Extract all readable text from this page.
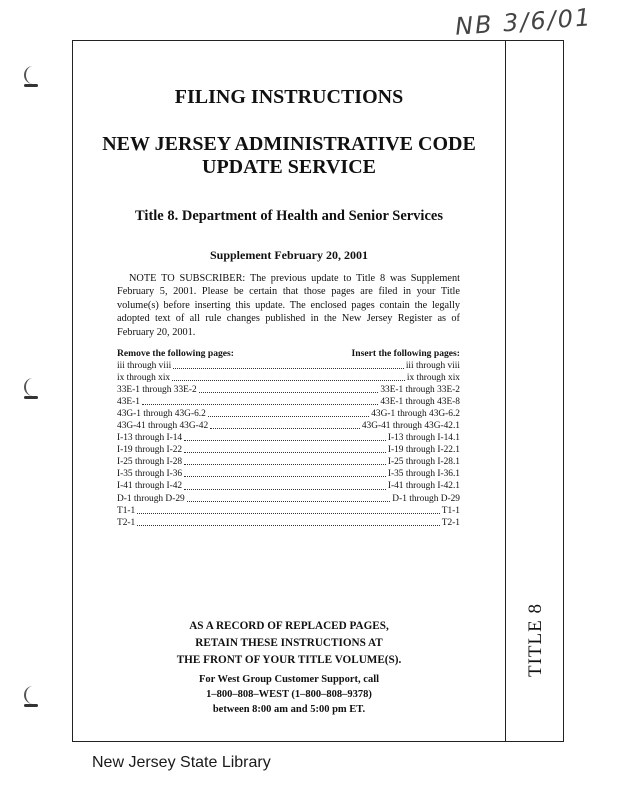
NB 3/6/01
TITLE 8
FILING INSTRUCTIONS
NEW JERSEY ADMINISTRATIVE CODE
UPDATE SERVICE
Title 8. Department of Health and Senior Services
Supplement February 20, 2001
NOTE TO SUBSCRIBER: The previous update to Title 8 was Supplement February 5, 2001. Please be certain that those pages are filed in your Title volume(s) before inserting this update. The enclosed pages contain the legally adopted text of all rule changes published in the New Jersey Register as of February 20, 2001.
Remove the following pages:	Insert the following pages:
iii through viii	iii through viii
ix through xix	ix through xix
33E-1 through 33E-2	33E-1 through 33E-2
43E-1	43E-1 through 43E-8
43G-1 through 43G-6.2	43G-1 through 43G-6.2
43G-41 through 43G-42	43G-41 through 43G-42.1
I-13 through I-14	I-13 through I-14.1
I-19 through I-22	I-19 through I-22.1
I-25 through I-28	I-25 through I-28.1
I-35 through I-36	I-35 through I-36.1
I-41 through I-42	I-41 through I-42.1
D-1 through D-29	D-1 through D-29
T1-1	T1-1
T2-1	T2-1
AS A RECORD OF REPLACED PAGES,
RETAIN THESE INSTRUCTIONS AT
THE FRONT OF YOUR TITLE VOLUME(S).
For West Group Customer Support, call
1–800–808–WEST (1–800–808–9378)
between 8:00 am and 5:00 pm ET.
New Jersey State Library
